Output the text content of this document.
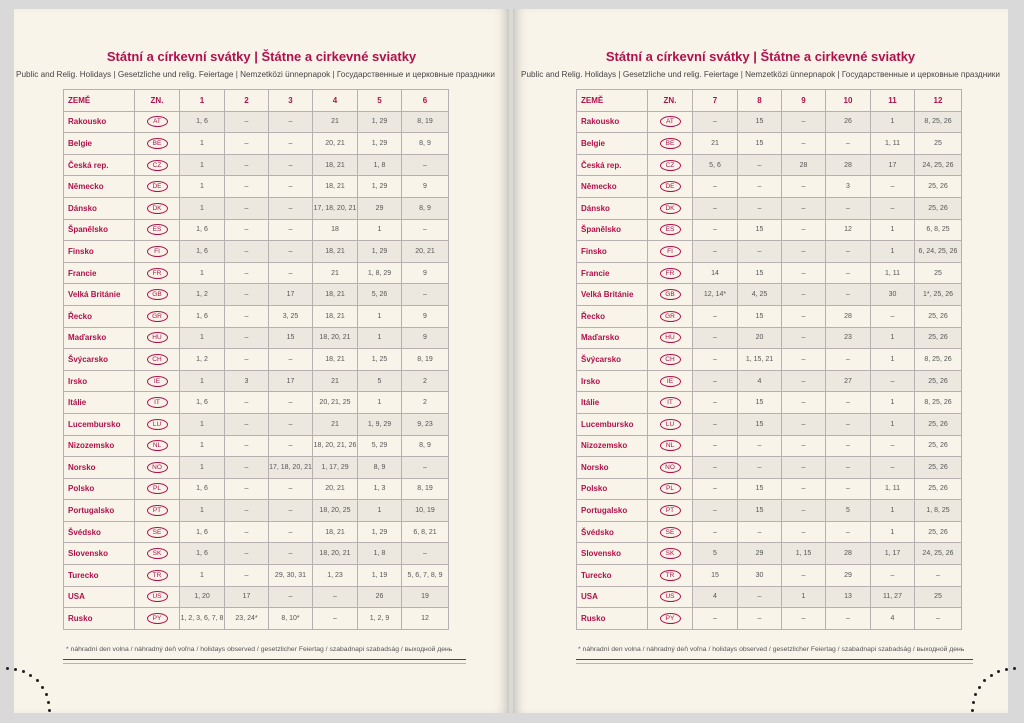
Státní a církevní svátky | Štátne a cirkevné sviatky
Public and Relig. Holidays | Gesetzliche und relig. Feiertage | Nemzetközi ünnepnapok | Государственные и церковные праздники
ZEMĚ	ZN.	1	2	3	4	5	6
Rakousko	AT	1, 6	–	–	21	1, 29	8, 19
Belgie	BE	1	–	–	20, 21	1, 29	8, 9
Česká rep.	CZ	1	–	–	18, 21	1, 8	–
Německo	DE	1	–	–	18, 21	1, 29	9
Dánsko	DK	1	–	–	17, 18, 20, 21	29	8, 9
Španělsko	ES	1, 6	–	–	18	1	–
Finsko	FI	1, 6	–	–	18, 21	1, 29	20, 21
Francie	FR	1	–	–	21	1, 8, 29	9
Velká Británie	GB	1, 2	–	17	18, 21	5, 26	–
Řecko	GR	1, 6	–	3, 25	18, 21	1	9
Maďarsko	HU	1	–	15	18, 20, 21	1	9
Švýcarsko	CH	1, 2	–	–	18, 21	1, 25	8, 19
Irsko	IE	1	3	17	21	5	2
Itálie	IT	1, 6	–	–	20, 21, 25	1	2
Lucembursko	LU	1	–	–	21	1, 9, 29	9, 23
Nizozemsko	NL	1	–	–	18, 20, 21, 26	5, 29	8, 9
Norsko	NO	1	–	17, 18, 20, 21	1, 17, 29	8, 9	–
Polsko	PL	1, 6	–	–	20, 21	1, 3	8, 19
Portugalsko	PT	1	–	–	18, 20, 25	1	10, 19
Švédsko	SE	1, 6	–	–	18, 21	1, 29	6, 8, 21
Slovensko	SK	1, 6	–	–	18, 20, 21	1, 8	–
Turecko	TR	1	–	29, 30, 31	1, 23	1, 19	5, 6, 7, 8, 9
USA	US	1, 20	17	–	–	26	19
Rusko	PY	1, 2, 3, 6, 7, 8	23, 24*	8, 10*	–	1, 2, 9	12
* náhradní den volna / náhradný deň voľna / holidays observed / gesetzlicher Feiertag / szabadnapi szabadság / выходной день
Státní a církevní svátky | Štátne a cirkevné sviatky
Public and Relig. Holidays | Gesetzliche und relig. Feiertage | Nemzetközi ünnepnapok | Государственные и церковные праздники
ZEMĚ	ZN.	7	8	9	10	11	12
Rakousko	AT	–	15	–	26	1	8, 25, 26
Belgie	BE	21	15	–	–	1, 11	25
Česká rep.	CZ	5, 6	–	28	28	17	24, 25, 26
Německo	DE	–	–	–	3	–	25, 26
Dánsko	DK	–	–	–	–	–	25, 26
Španělsko	ES	–	15	–	12	1	6, 8, 25
Finsko	FI	–	–	–	–	1	6, 24, 25, 26
Francie	FR	14	15	–	–	1, 11	25
Velká Británie	GB	12, 14*	4, 25	–	–	30	1*, 25, 26
Řecko	GR	–	15	–	28	–	25, 26
Maďarsko	HU	–	20	–	23	1	25, 26
Švýcarsko	CH	–	1, 15, 21	–	–	1	8, 25, 26
Irsko	IE	–	4	–	27	–	25, 26
Itálie	IT	–	15	–	–	1	8, 25, 26
Lucembursko	LU	–	15	–	–	1	25, 26
Nizozemsko	NL	–	–	–	–	–	25, 26
Norsko	NO	–	–	–	–	–	25, 26
Polsko	PL	–	15	–	–	1, 11	25, 26
Portugalsko	PT	–	15	–	5	1	1, 8, 25
Švédsko	SE	–	–	–	–	1	25, 26
Slovensko	SK	5	29	1, 15	28	1, 17	24, 25, 26
Turecko	TR	15	30	–	29	–	–
USA	US	4	–	1	13	11, 27	25
Rusko	PY	–	–	–	–	4	–
* náhradní den volna / náhradný deň voľna / holidays observed / gesetzlicher Feiertag / szabadnapi szabadság / выходной день
